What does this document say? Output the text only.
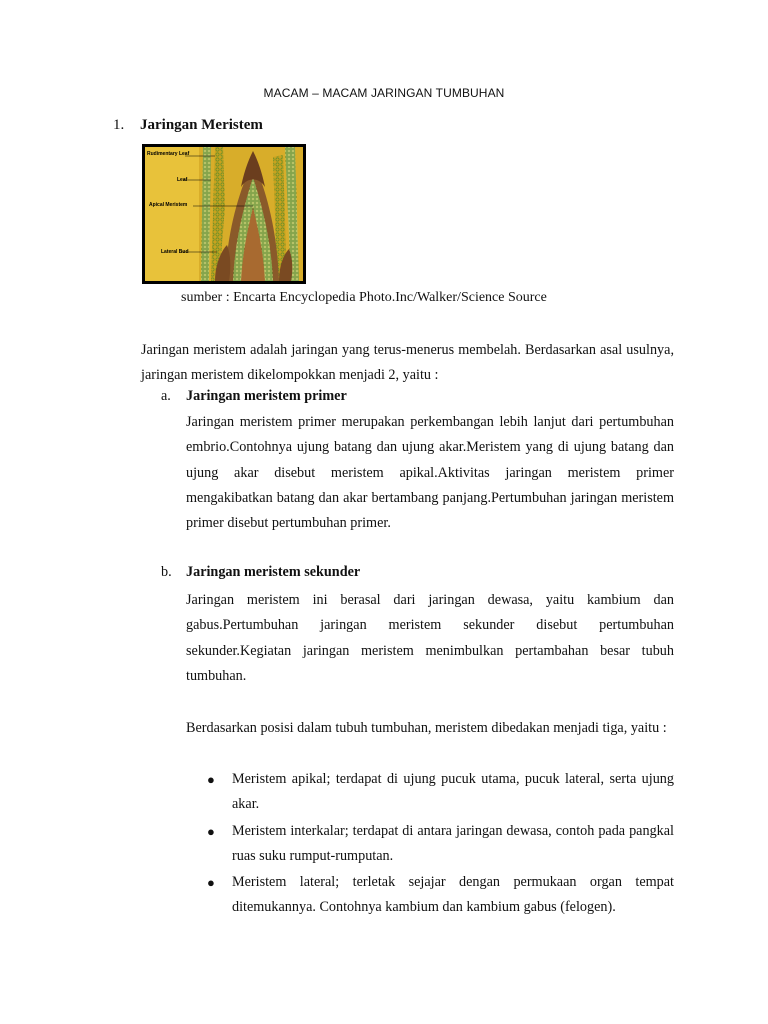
MACAM – MACAM JARINGAN TUMBUHAN
1. Jaringan Meristem
Rudimentary Leaf
Leaf
Apical Meristem
Lateral Bud
sumber : Encarta Encyclopedia Photo.Inc/Walker/Science Source
Jaringan meristem adalah jaringan yang terus-menerus membelah. Berdasarkan asal usulnya, jaringan meristem dikelompokkan menjadi 2, yaitu :
a. Jaringan meristem primer
Jaringan meristem primer merupakan perkembangan lebih lanjut dari pertumbuhan embrio.Contohnya ujung batang dan ujung akar.Meristem yang di ujung batang dan ujung akar disebut meristem apikal.Aktivitas jaringan meristem primer mengakibatkan batang dan akar bertambang panjang.Pertumbuhan jaringan meristem primer disebut pertumbuhan primer.
b. Jaringan meristem sekunder
Jaringan meristem ini berasal dari jaringan dewasa, yaitu kambium dan gabus.Pertumbuhan jaringan meristem sekunder disebut pertumbuhan sekunder.Kegiatan jaringan meristem menimbulkan pertambahan besar tubuh tumbuhan.
Berdasarkan posisi dalam tubuh tumbuhan, meristem dibedakan menjadi tiga, yaitu :
● Meristem apikal; terdapat di ujung pucuk utama, pucuk lateral, serta ujung akar.
● Meristem interkalar; terdapat di antara jaringan dewasa, contoh pada pangkal ruas suku rumput-rumputan.
● Meristem lateral; terletak sejajar dengan permukaan organ tempat ditemukannya. Contohnya kambium dan kambium gabus (felogen).
